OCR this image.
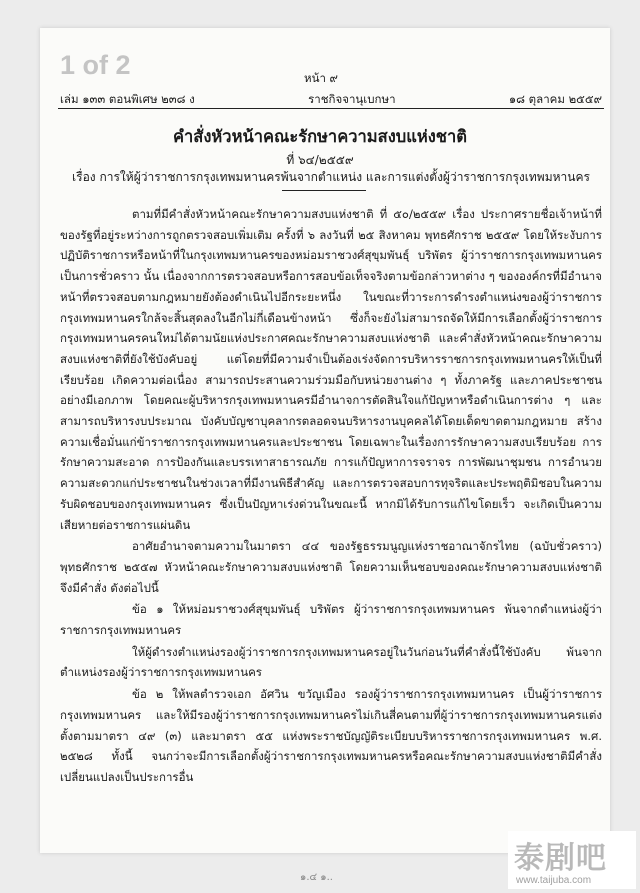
1 of 2	หน้า ๙
เล่ม ๑๓๓ ตอนพิเศษ ๒๓๘ ง	ราชกิจจานุเบกษา	๑๘ ตุลาคม ๒๕๕๙
คำสั่งหัวหน้าคณะรักษาความสงบแห่งชาติ
ที่ ๖๔/๒๕๕๙
เรื่อง การให้ผู้ว่าราชการกรุงเทพมหานครพ้นจากตำแหน่ง และการแต่งตั้งผู้ว่าราชการกรุงเทพมหานคร

ตามที่มีคำสั่งหัวหน้าคณะรักษาความสงบแห่งชาติ ที่ ๕๐/๒๕๕๙ เรื่อง ประกาศรายชื่อเจ้าหน้าที่ของรัฐที่อยู่ระหว่างการถูกตรวจสอบเพิ่มเติม ครั้งที่ ๖ ลงวันที่ ๒๕ สิงหาคม พุทธศักราช ๒๕๕๙ โดยให้ระงับการปฏิบัติราชการหรือหน้าที่ในกรุงเทพมหานครของหม่อมราชวงศ์สุขุมพันธุ์ บริพัตร ผู้ว่าราชการกรุงเทพมหานครเป็นการชั่วคราว นั้น เนื่องจากการตรวจสอบหรือการสอบข้อเท็จจริงตามข้อกล่าวหาต่าง ๆ ขององค์กรที่มีอำนาจหน้าที่ตรวจสอบตามกฎหมายยังต้องดำเนินไปอีกระยะหนึ่ง ในขณะที่วาระการดำรงตำแหน่งของผู้ว่าราชการกรุงเทพมหานครใกล้จะสิ้นสุดลงในอีกไม่กี่เดือนข้างหน้า ซึ่งก็จะยังไม่สามารถจัดให้มีการเลือกตั้งผู้ว่าราชการกรุงเทพมหานครคนใหม่ได้ตามนัยแห่งประกาศคณะรักษาความสงบแห่งชาติ และคำสั่งหัวหน้าคณะรักษาความสงบแห่งชาติที่ยังใช้บังคับอยู่ แต่โดยที่มีความจำเป็นต้องเร่งจัดการบริหารราชการกรุงเทพมหานครให้เป็นที่เรียบร้อย เกิดความต่อเนื่อง สามารถประสานความร่วมมือกับหน่วยงานต่าง ๆ ทั้งภาครัฐ และภาคประชาชนอย่างมีเอกภาพ โดยคณะผู้บริหารกรุงเทพมหานครมีอำนาจการตัดสินใจแก้ปัญหาหรือดำเนินการต่าง ๆ และสามารถบริหารงบประมาณ บังคับบัญชาบุคลากรตลอดจนบริหารงานบุคคลได้โดยเด็ดขาดตามกฎหมาย สร้างความเชื่อมั่นแก่ข้าราชการกรุงเทพมหานครและประชาชน โดยเฉพาะในเรื่องการรักษาความสงบเรียบร้อย การรักษาความสะอาด การป้องกันและบรรเทาสาธารณภัย การแก้ปัญหาการจราจร การพัฒนาชุมชน การอำนวยความสะดวกแก่ประชาชนในช่วงเวลาที่มีงานพิธีสำคัญ และการตรวจสอบการทุจริตและประพฤติมิชอบในความรับผิดชอบของกรุงเทพมหานคร ซึ่งเป็นปัญหาเร่งด่วนในขณะนี้ หากมิได้รับการแก้ไขโดยเร็ว จะเกิดเป็นความเสียหายต่อราชการแผ่นดิน

อาศัยอำนาจตามความในมาตรา ๔๔ ของรัฐธรรมนูญแห่งราชอาณาจักรไทย (ฉบับชั่วคราว) พุทธศักราช ๒๕๕๗ หัวหน้าคณะรักษาความสงบแห่งชาติ โดยความเห็นชอบของคณะรักษาความสงบแห่งชาติจึงมีคำสั่ง ดังต่อไปนี้

ข้อ ๑ ให้หม่อมราชวงศ์สุขุมพันธุ์ บริพัตร ผู้ว่าราชการกรุงเทพมหานคร พ้นจากตำแหน่งผู้ว่าราชการกรุงเทพมหานคร

ให้ผู้ดำรงตำแหน่งรองผู้ว่าราชการกรุงเทพมหานครอยู่ในวันก่อนวันที่คำสั่งนี้ใช้บังคับ พ้นจากตำแหน่งรองผู้ว่าราชการกรุงเทพมหานคร

ข้อ ๒ ให้พลตำรวจเอก อัศวิน ขวัญเมือง รองผู้ว่าราชการกรุงเทพมหานคร เป็นผู้ว่าราชการกรุงเทพมหานคร และให้มีรองผู้ว่าราชการกรุงเทพมหานครไม่เกินสี่คนตามที่ผู้ว่าราชการกรุงเทพมหานครแต่งตั้งตามมาตรา ๔๙ (๓) และมาตรา ๕๕ แห่งพระราชบัญญัติระเบียบบริหารราชการกรุงเทพมหานคร พ.ศ. ๒๕๒๘ ทั้งนี้ จนกว่าจะมีการเลือกตั้งผู้ว่าราชการกรุงเทพมหานครหรือคณะรักษาความสงบแห่งชาติมีคำสั่งเปลี่ยนแปลงเป็นประการอื่น

๑.๔ ๑..
泰剧吧
www.taijuba.com
